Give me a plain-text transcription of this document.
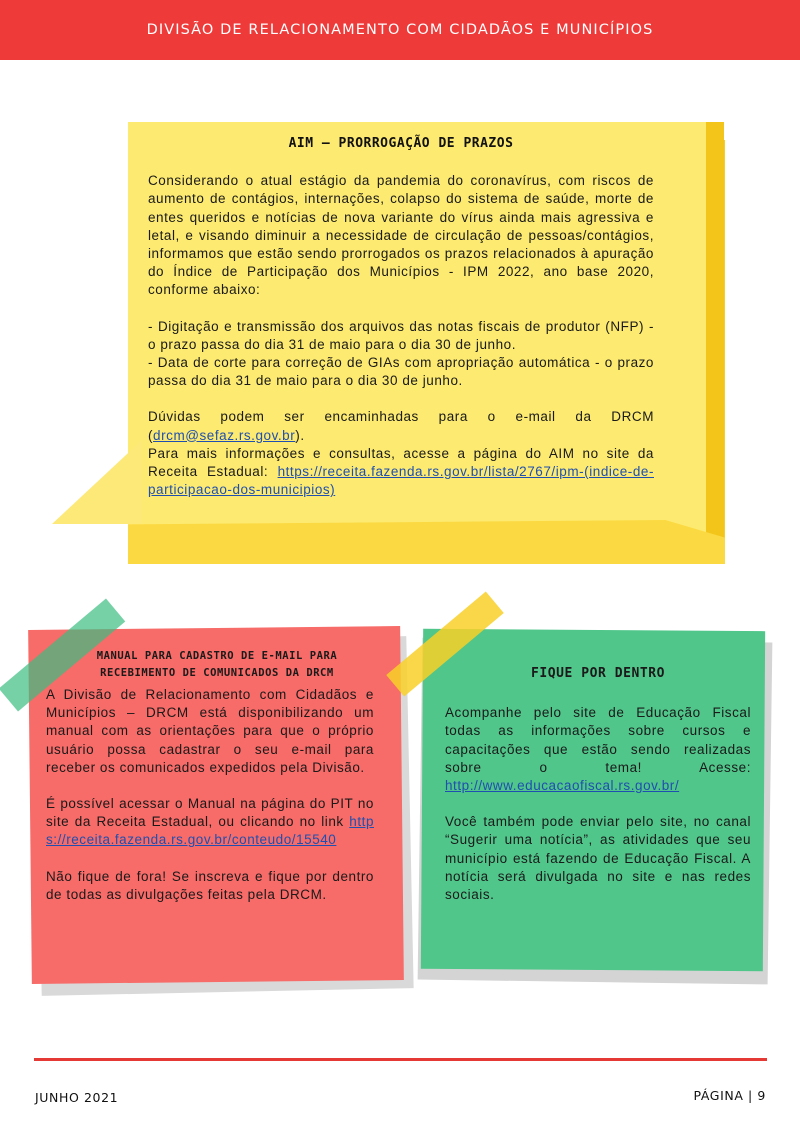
DIVISÃO DE RELACIONAMENTO COM CIDADÃOS E MUNICÍPIOS
AIM – PRORROGAÇÃO DE PRAZOS

Considerando o atual estágio da pandemia do coronavírus, com riscos de aumento de contágios, internações, colapso do sistema de saúde, morte de entes queridos e notícias de nova variante do vírus ainda mais agressiva e letal, e visando diminuir a necessidade de circulação de pessoas/contágios, informamos que estão sendo prorrogados os prazos relacionados à apuração do Índice de Participação dos Municípios - IPM 2022, ano base 2020, conforme abaixo:

- Digitação e transmissão dos arquivos das notas fiscais de produtor (NFP) - o prazo passa do dia 31 de maio para o dia 30 de junho.

- Data de corte para correção de GIAs com apropriação automática - o prazo passa do dia 31 de maio para o dia 30 de junho.

Dúvidas podem ser encaminhadas para o e-mail da DRCM (drcm@sefaz.rs.gov.br).

Para mais informações e consultas, acesse a página do AIM no site da Receita Estadual: https://receita.fazenda.rs.gov.br/lista/2767/ipm-(indice-de-participacao-dos-municipios)

MANUAL PARA CADASTRO DE E-MAIL PARA
RECEBIMENTO DE COMUNICADOS DA DRCM

A Divisão de Relacionamento com Cidadãos e Municípios – DRCM está disponibilizando um manual com as orientações para que o próprio usuário possa cadastrar o seu e-mail para receber os comunicados expedidos pela Divisão.

É possível acessar o Manual na página do PIT no site da Receita Estadual, ou clicando no link https://receita.fazenda.rs.gov.br/conteudo/15540

Não fique de fora! Se inscreva e fique por dentro de todas as divulgações feitas pela DRCM.

FIQUE POR DENTRO

Acompanhe pelo site de Educação Fiscal todas as informações sobre cursos e capacitações que estão sendo realizadas sobre o tema! Acesse: http://www.educacaofiscal.rs.gov.br/

Você também pode enviar pelo site, no canal “Sugerir uma notícia”, as atividades que seu município está fazendo de Educação Fiscal. A notícia será divulgada no site e nas redes sociais.

JUNHO 2021	PÁGINA | 9
